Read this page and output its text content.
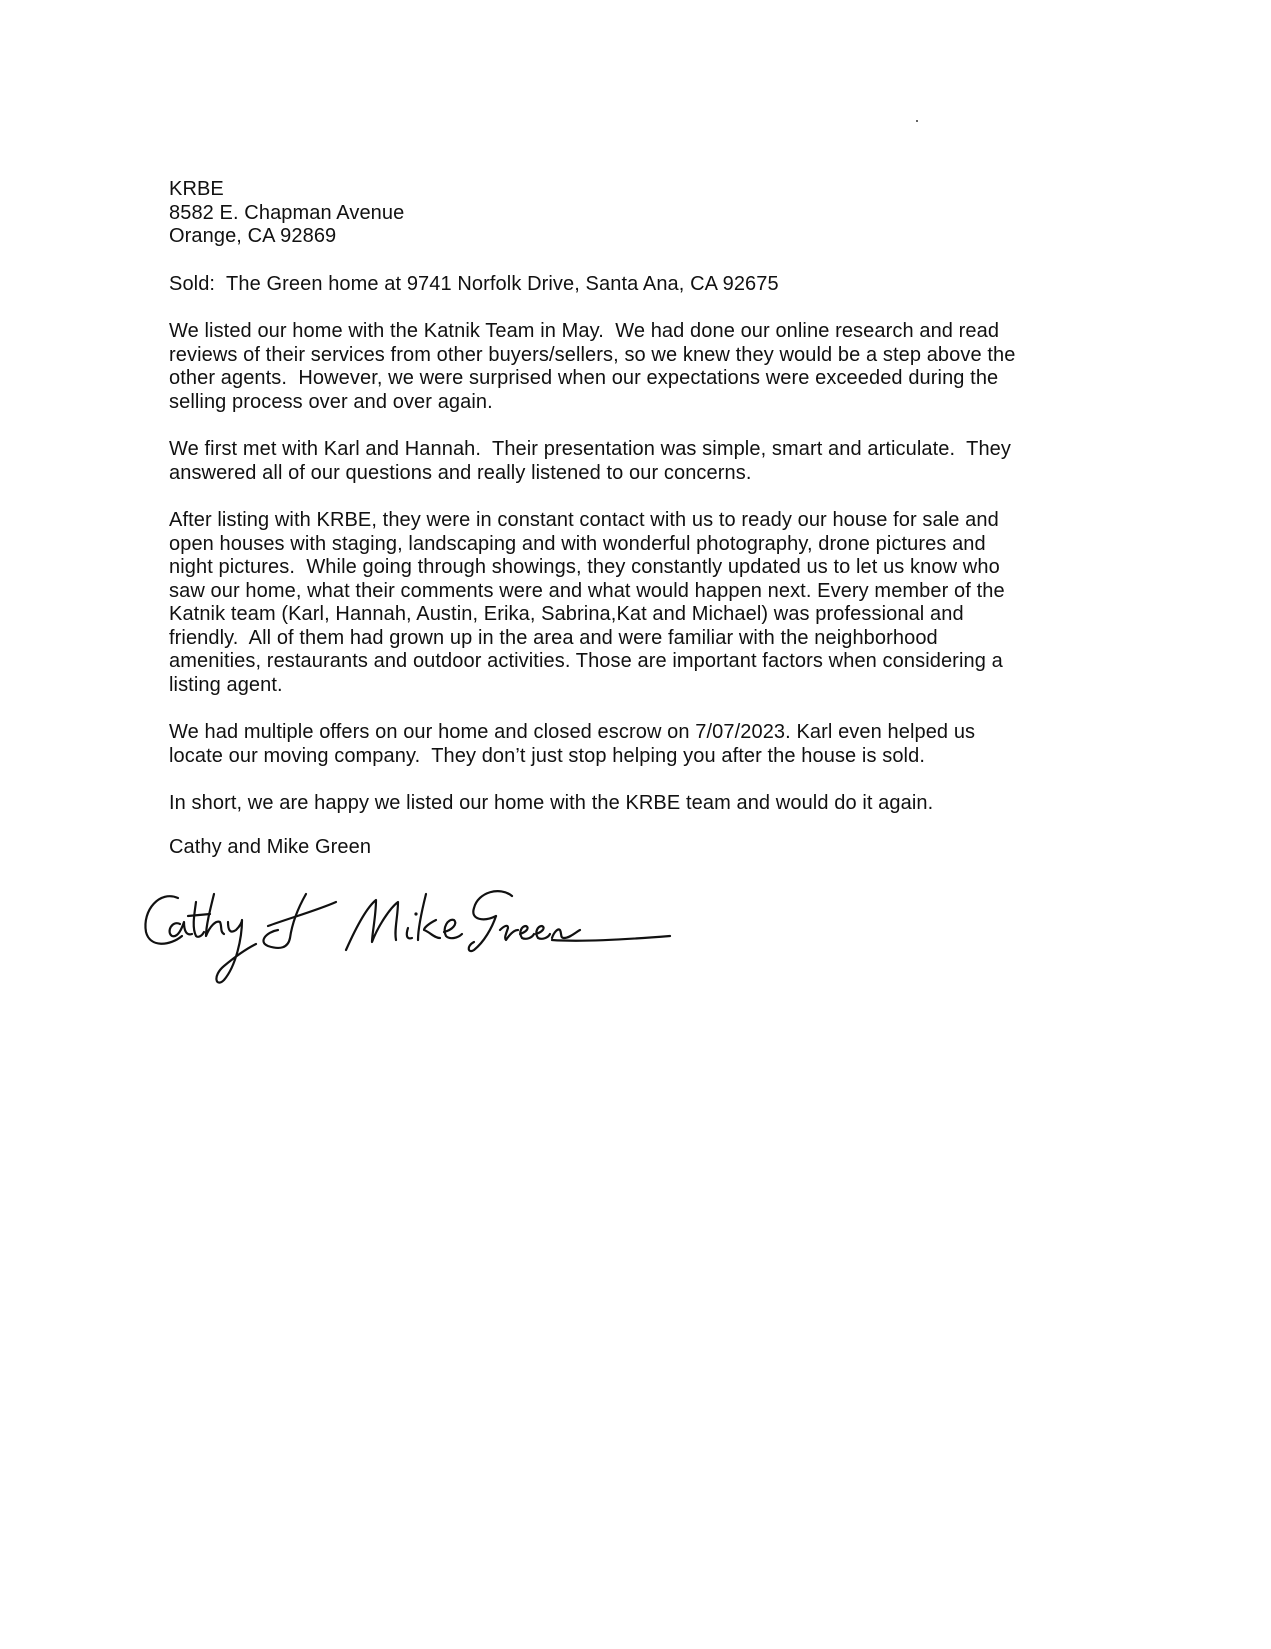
KRBE
8582 E. Chapman Avenue
Orange, CA 92869
Sold:  The Green home at 9741 Norfolk Drive, Santa Ana, CA 92675
We listed our home with the Katnik Team in May.  We had done our online research and read
reviews of their services from other buyers/sellers, so we knew they would be a step above the
other agents.  However, we were surprised when our expectations were exceeded during the
selling process over and over again.
We first met with Karl and Hannah.  Their presentation was simple, smart and articulate.  They
answered all of our questions and really listened to our concerns.
After listing with KRBE, they were in constant contact with us to ready our house for sale and
open houses with staging, landscaping and with wonderful photography, drone pictures and
night pictures.  While going through showings, they constantly updated us to let us know who
saw our home, what their comments were and what would happen next. Every member of the
Katnik team (Karl, Hannah, Austin, Erika, Sabrina,Kat and Michael) was professional and
friendly.  All of them had grown up in the area and were familiar with the neighborhood
amenities, restaurants and outdoor activities. Those are important factors when considering a
listing agent.
We had multiple offers on our home and closed escrow on 7/07/2023. Karl even helped us
locate our moving company.  They don’t just stop helping you after the house is sold.
In short, we are happy we listed our home with the KRBE team and would do it again.
Cathy and Mike Green
